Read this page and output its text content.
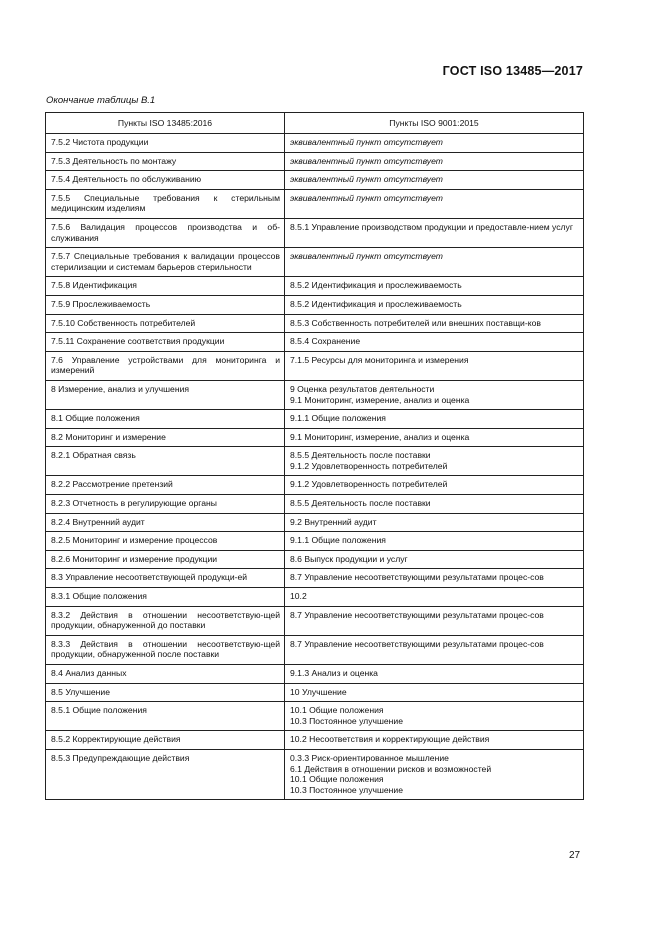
ГОСТ ISO 13485—2017
Окончание таблицы В.1
Пункты ISO 13485:2016	Пункты ISO 9001:2015

7.5.2 Чистота продукции	эквивалентный пункт отсутствует

7.5.3 Деятельность по монтажу	эквивалентный пункт отсутствует

7.5.4 Деятельность по обслуживанию	эквивалентный пункт отсутствует

7.5.5 Специальные требования к стерильным медицинским изделиям	эквивалентный пункт отсутствует

7.5.6 Валидация процессов производства и об-служивания	8.5.1 Управление производством продукции и предоставле-нием услуг

7.5.7 Специальные требования к валидации процессов стерилизации и системам барьеров стерильности	эквивалентный пункт отсутствует

7.5.8 Идентификация	8.5.2 Идентификация и прослеживаемость

7.5.9 Прослеживаемость	8.5.2 Идентификация и прослеживаемость

7.5.10 Собственность потребителей	8.5.3 Собственность потребителей или внешних поставщи-ков

7.5.11 Сохранение соответствия продукции	8.5.4 Сохранение

7.6 Управление устройствами для мониторинга и измерений	7.1.5 Ресурсы для мониторинга и измерения

8 Измерение, анализ и улучшения	9 Оценка результатов деятельности
9.1 Мониторинг, измерение, анализ и оценка

8.1 Общие положения	9.1.1 Общие положения

8.2 Мониторинг и измерение	9.1 Мониторинг, измерение, анализ и оценка

8.2.1 Обратная связь	8.5.5 Деятельность после поставки
9.1.2 Удовлетворенность потребителей

8.2.2 Рассмотрение претензий	9.1.2 Удовлетворенность потребителей

8.2.3 Отчетность в регулирующие органы	8.5.5 Деятельность после поставки

8.2.4 Внутренний аудит	9.2 Внутренний аудит

8.2.5 Мониторинг и измерение процессов	9.1.1 Общие положения

8.2.6 Мониторинг и измерение продукции	8.6 Выпуск продукции и услуг

8.3 Управление несоответствующей продукци-ей	8.7 Управление несоответствующими результатами процес-сов

8.3.1 Общие положения	10.2

8.3.2 Действия в отношении несоответствую-щей продукции, обнаруженной до поставки	8.7 Управление несоответствующими результатами процес-сов

8.3.3 Действия в отношении несоответствую-щей продукции, обнаруженной после поставки	8.7 Управление несоответствующими результатами процес-сов

8.4 Анализ данных	9.1.3 Анализ и оценка

8.5 Улучшение	10 Улучшение

8.5.1 Общие положения	10.1 Общие положения
10.3 Постоянное улучшение

8.5.2 Корректирующие действия	10.2 Несоответствия и корректирующие действия

8.5.3 Предупреждающие действия	0.3.3 Риск-ориентированное мышление
6.1 Действия в отношении рисков и возможностей
10.1 Общие положения
10.3 Постоянное улучшение
27
